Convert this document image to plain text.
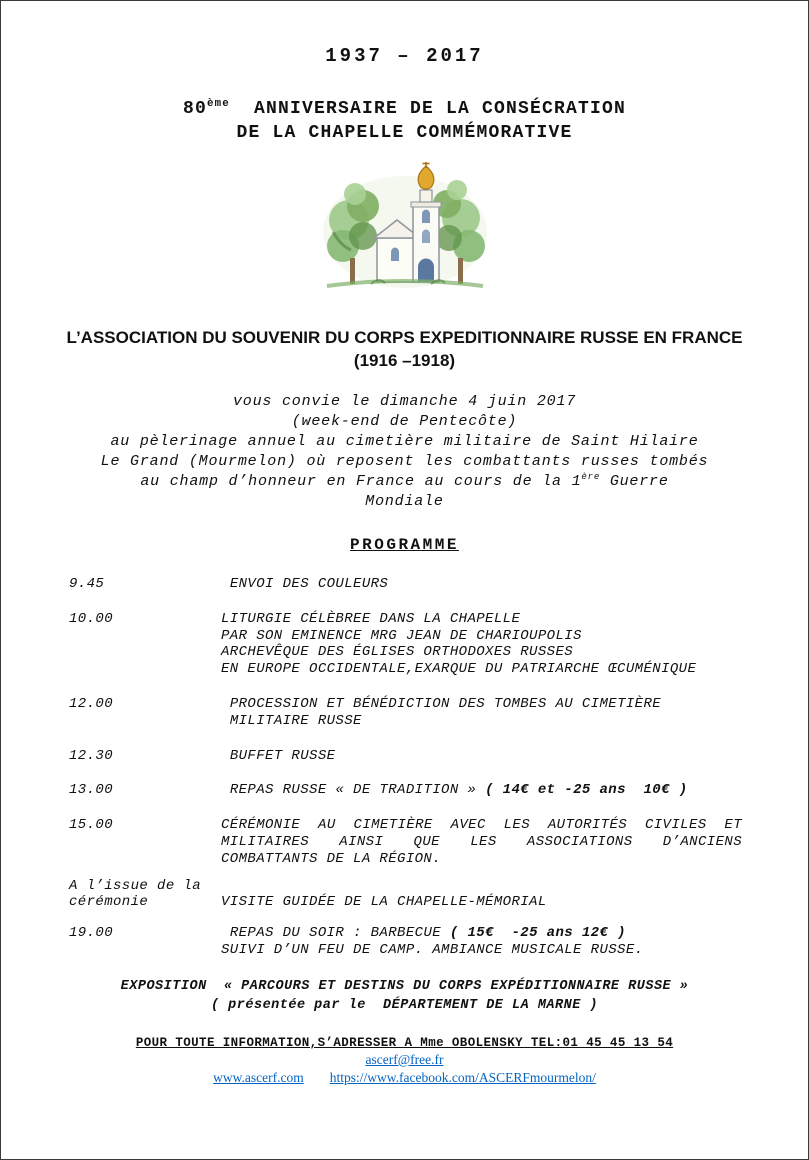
1937 – 2017
80ème  ANNIVERSAIRE DE LA CONSÉCRATION
DE LA CHAPELLE COMMÉMORATIVE
L’ASSOCIATION DU SOUVENIR DU CORPS EXPEDITIONNAIRE RUSSE EN FRANCE
(1916 –1918)
vous convie le dimanche 4 juin 2017
(week-end de Pentecôte)
au pèlerinage annuel au cimetière militaire de Saint Hilaire
Le Grand (Mourmelon) où reposent les combattants russes tombés
au champ d’honneur en France au cours de la 1ère Guerre
Mondiale
PROGRAMME
9.45	ENVOI DES COULEURS
10.00	LITURGIE CÉLÈBREE DANS LA CHAPELLE
PAR SON EMINENCE MRG JEAN DE CHARIOUPOLIS
ARCHEVÊQUE DES ÉGLISES ORTHODOXES RUSSES
EN EUROPE OCCIDENTALE,EXARQUE DU PATRIARCHE ŒCUMÉNIQUE
12.00	PROCESSION ET BÉNÉDICTION DES TOMBES AU CIMETIÈRE
MILITAIRE RUSSE
12.30	BUFFET RUSSE
13.00	REPAS RUSSE « DE TRADITION » ( 14€ et -25 ans  10€ )
15.00	CÉRÉMONIE AU CIMETIÈRE AVEC LES AUTORITÉS CIVILES ET
MILITAIRES AINSI QUE LES ASSOCIATIONS D’ANCIENS
COMBATTANTS DE LA RÉGION.
A l’issue de la
cérémonie	VISITE GUIDÉE DE LA CHAPELLE-MÉMORIAL
19.00	REPAS DU SOIR : BARBECUE ( 15€  -25 ans 12€ )
SUIVI D’UN FEU DE CAMP. AMBIANCE MUSICALE RUSSE.
EXPOSITION  « PARCOURS ET DESTINS DU CORPS EXPÉDITIONNAIRE RUSSE »
( présentée par le  DÉPARTEMENT DE LA MARNE )
POUR TOUTE INFORMATION,S’ADRESSER A Mme OBOLENSKY TEL:01 45 45 13 54
ascerf@free.fr
www.ascerf.com https://www.facebook.com/ASCERFmourmelon/
